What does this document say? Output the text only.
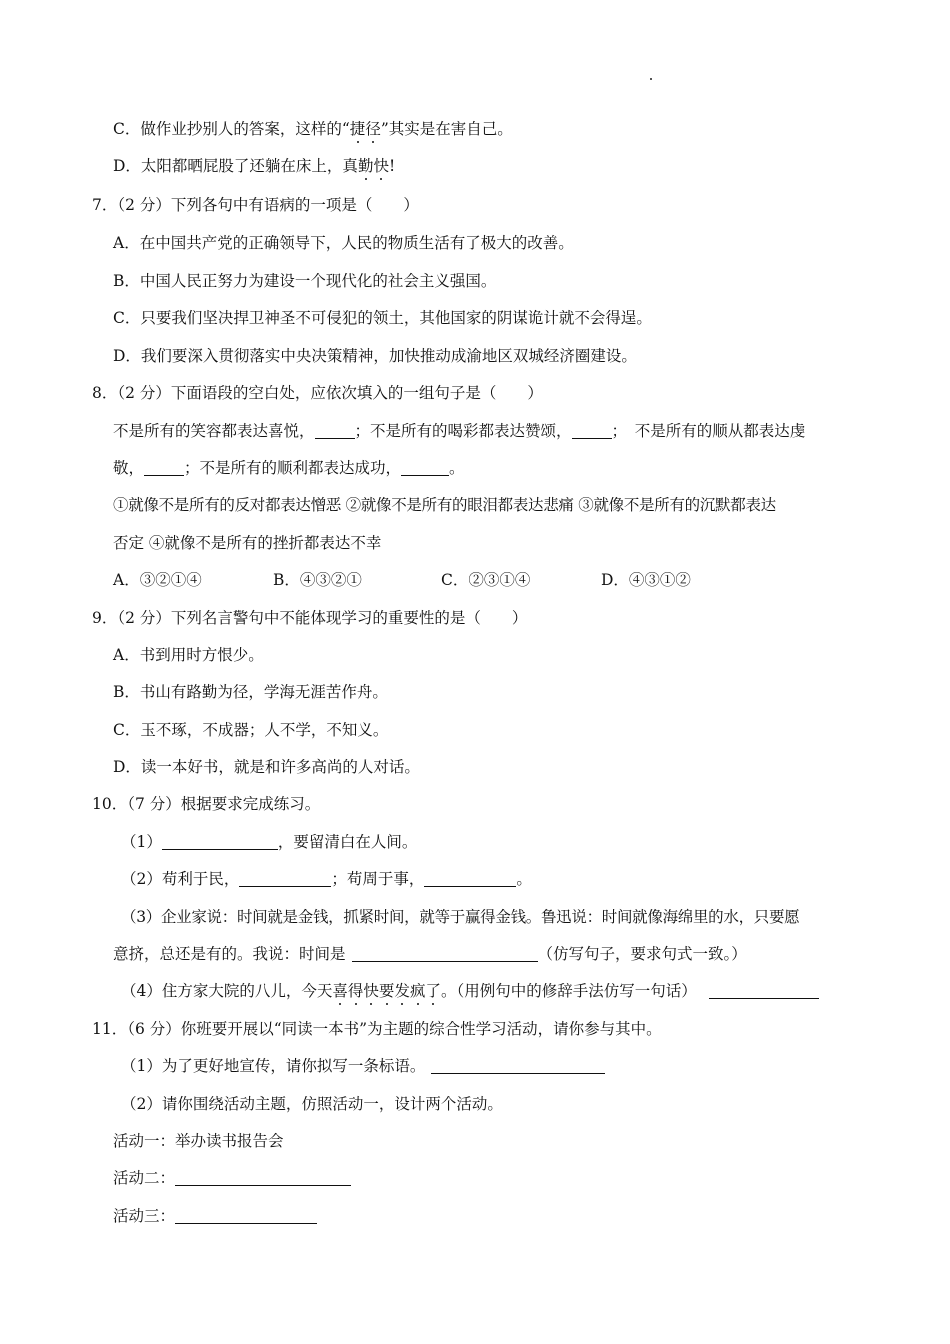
C．做作业抄别人的答案，这样的“捷径”其实是在害自己。
D．太阳都晒屁股了还躺在床上，真勤快!
7．（2 分）下列各句中有语病的一项是（　　）
A．在中国共产党的正确领导下，人民的物质生活有了极大的改善。
B．中国人民正努力为建设一个现代化的社会主义强国。
C．只要我们坚决捍卫神圣不可侵犯的领土，其他国家的阴谋诡计就不会得逞。
D．我们要深入贯彻落实中央决策精神，加快推动成渝地区双城经济圈建设。
8．（2 分）下面语段的空白处，应依次填入的一组句子是（　　）
不是所有的笑容都表达喜悦，	；不是所有的喝彩都表达赞颂，	；　不是所有的顺从都表达虔
敬，	；不是所有的顺利都表达成功，	。
①就像不是所有的反对都表达憎恶 ②就像不是所有的眼泪都表达悲痛 ③就像不是所有的沉默都表达
否定 ④就像不是所有的挫折都表达不幸
A．③②①④	B．④③②①	C．②③①④	D．④③①②
9．（2 分）下列名言警句中不能体现学习的重要性的是（　　）
A．书到用时方恨少。
B．书山有路勤为径，学海无涯苦作舟。
C．玉不琢，不成器；人不学，不知义。
D．读一本好书，就是和许多高尚的人对话。
10．（7 分）根据要求完成练习。
（1）	，要留清白在人间。
（2）苟利于民，	；苟周于事，	。
（3）企业家说：时间就是金钱，抓紧时间，就等于赢得金钱。鲁迅说：时间就像海绵里的水，只要愿
意挤，总还是有的。我说：时间是	（仿写句子，要求句式一致。）
（4）住方家大院的八儿，今天喜得快要发疯了。（用例句中的修辞手法仿写一句话）
11．（6 分）你班要开展以“同读一本书”为主题的综合性学习活动，请你参与其中。
（1）为了更好地宣传，请你拟写一条标语。
（2）请你围绕活动主题，仿照活动一，设计两个活动。
活动一：举办读书报告会
活动二：
活动三：
